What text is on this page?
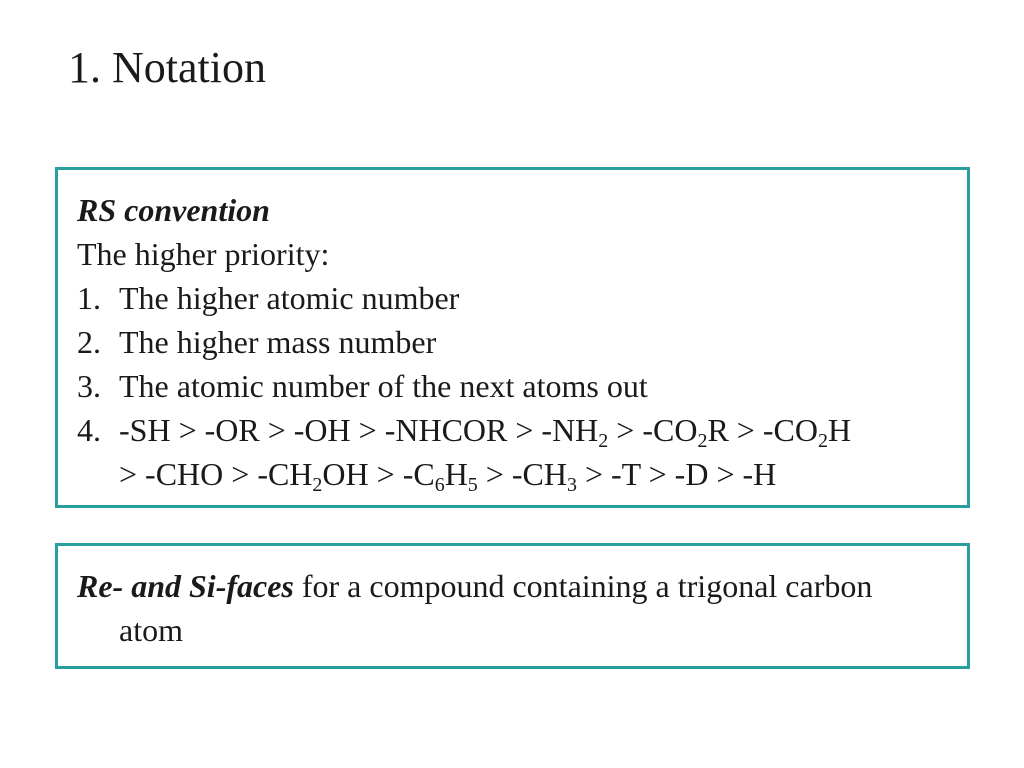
1. Notation
RS convention
The higher priority:
1. The higher atomic number
2. The higher mass number
3. The atomic number of the next atoms out
4. -SH > -OR > -OH > -NHCOR > $-NH_2 > -CO_2R > -CO_2H$
> $-CHO > -CH_2OH > -C_6H_5 > -CH_3 > -T > -D > -H$
Re- and Si-faces for a compound containing a trigonal carbon atom
